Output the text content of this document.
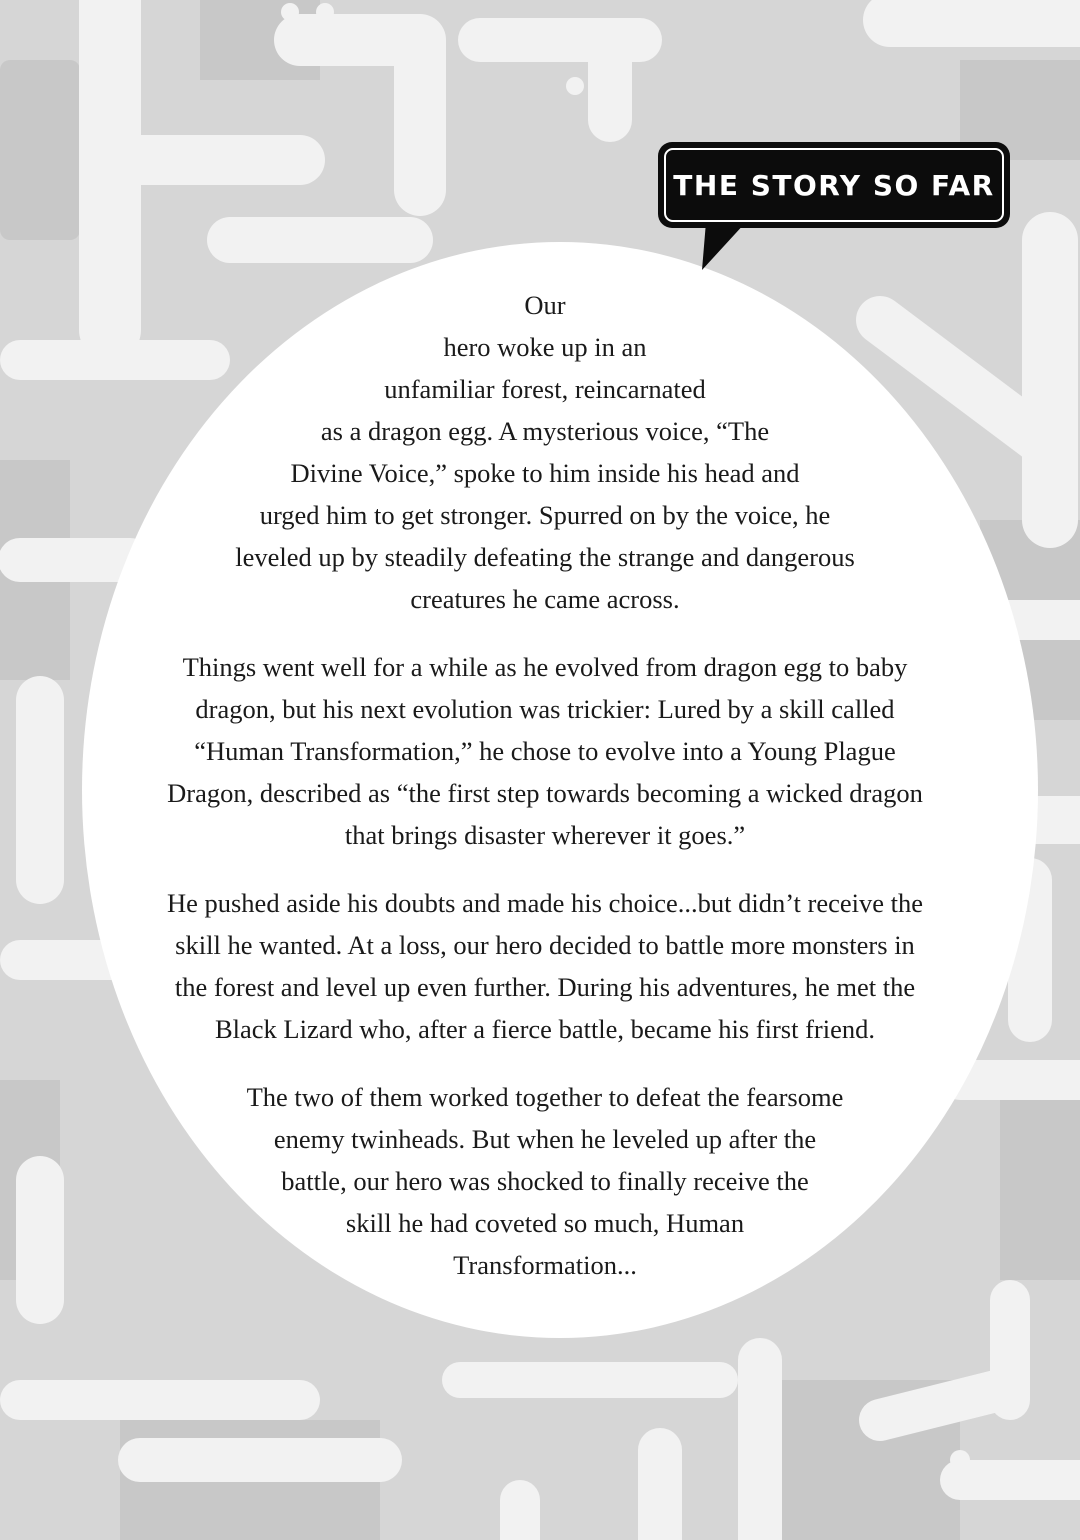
THE STORY SO FAR

Our
hero woke up in an
unfamiliar forest, reincarnated
as a dragon egg. A mysterious voice, “The
Divine Voice,” spoke to him inside his head and
urged him to get stronger. Spurred on by the voice, he
leveled up by steadily defeating the strange and dangerous
creatures he came across.

Things went well for a while as he evolved from dragon egg to baby
dragon, but his next evolution was trickier: Lured by a skill called
“Human Transformation,” he chose to evolve into a Young Plague
Dragon, described as “the first step towards becoming a wicked dragon
that brings disaster wherever it goes.”

He pushed aside his doubts and made his choice...but didn’t receive the
skill he wanted. At a loss, our hero decided to battle more monsters in
the forest and level up even further. During his adventures, he met the
Black Lizard who, after a fierce battle, became his first friend.

The two of them worked together to defeat the fearsome
enemy twinheads. But when he leveled up after the
battle, our hero was shocked to finally receive the
skill he had coveted so much, Human
Transformation...
